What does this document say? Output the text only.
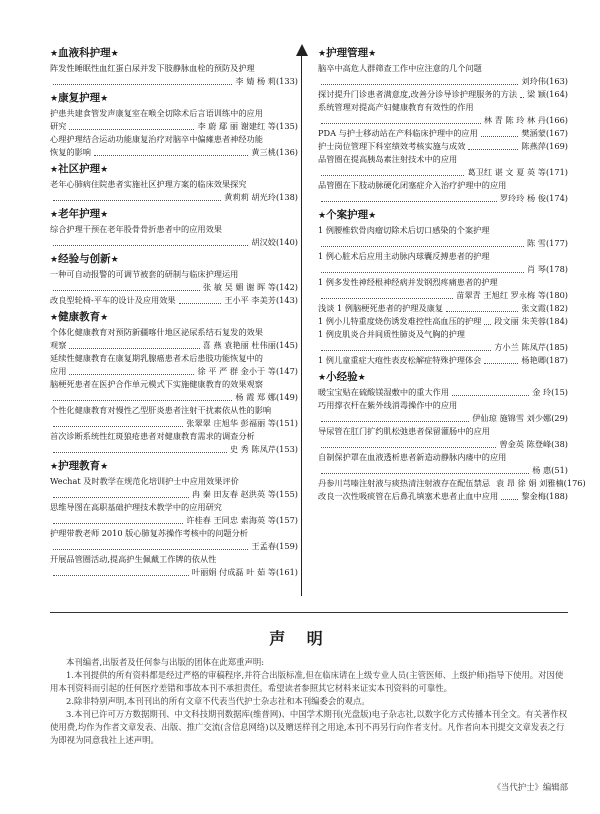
★血液科护理★
阵发性睡眠性血红蛋白尿并发下肢静脉血栓的预防及护理
李 婧 杨 莉(133)
★康复护理★
护患共建食管发声康复室在喉全切除术后言语训练中的应用
研究	李 蔚 鄢 丽 谢建红 等(135)
心理护理结合运动功能康复治疗对脑卒中偏瘫患者神经功能
恢复的影响	黄三桃(136)
★社区护理★
老年心肺病住院患者实施社区护理方案的临床效果探究
黄莉莉 胡光玲(138)
★老年护理★
综合护理干预在老年股骨骨折患者中的应用效果
胡汉姣(140)
★经验与创新★
一种可自动报警的可调节被套的研制与临床护理运用
张 敏 吴 媚 谢 晖 等(142)
改良型轮椅-平车的设计及应用效果	王小平 李美芳(143)
★健康教育★
个体化健康教育对预防新疆喀什地区泌尿系结石复发的效果
观察	喜 燕 袁艳丽 杜伟丽(145)
延续性健康教育在康复期乳腺癌患者术后患肢功能恢复中的
应用	徐 平 严 群 金小于 等(147)
脑梗死患者在医护合作单元模式下实施健康教育的效果观察
杨 霞 郑 娜(149)
个性化健康教育对慢性乙型肝炎患者注射干扰素依从性的影响
张翠翠 庄旭华 彭福丽 等(151)
首次诊断系统性红斑狼疮患者对健康教育需求的调查分析
史 秀 陈凤芹(153)
★护理教育★
Wechat 及时教学在规范化培训护士中应用效果评价
冉 秦 田友春 赵洪英 等(155)
思维导图在高职基础护理技术教学中的应用研究
许桂春 王同忠 索海英 等(157)
护理带教老师 2010 版心肺复苏操作考核中的问题分析
王孟春(159)
开展品管圈活动,提高护生佩戴工作牌的依从性
叶丽娟 付成磊 叶 茹 等(161)
★护理管理★
脑卒中高危人群筛查工作中应注意的几个问题
刘玲伟(163)
探讨提升门诊患者满意度,改善分诊导诊护理服务的方法 梁 颖(164)
系统管理对提高产妇健康教育有效性的作用
林 青 陈 玲 林 丹(166)
PDA 与护士移动站在产科临床护理中的应用	樊涵蒙(167)
护士岗位管理下科室绩效考核实施与成效	陈燕萍(169)
品管圈在提高胰岛素注射技术中的应用
葛卫红 谌 文 夏 英 等(171)
品管圈在下肢动脉硬化闭塞症介入治疗护理中的应用
罗玲玲 杨 俊(174)
★个案护理★
1 例腰椎软骨肉瘤切除术后切口感染的个案护理
陈 雪(177)
1 例心脏术后应用主动脉内球囊反搏患者的护理
肖 琴(178)
1 例多发性神经根神经病并发钢烈疼痛患者的护理
苗翠青 王旭红 罗永梅 等(180)
浅谈 1 例脑梗死患者的护理及康复	张文霞(182)
1 例小儿特重度烧伤诱发难控性高血压的护理 段文丽 朱芙蓉(184)
1 例皮肌炎合并间质性肺炎及气胸的护理
方小兰 陈凤芹(185)
1 例儿童重症大疱性表皮松解症特殊护理体会	杨艳卿(187)
★小经验★
暖宝宝贴在硫酸镁湿敷中的重大作用	金 玲(15)
巧用撑衣杆在紫外线消毒操作中的应用
伊仙琼 施锦雪 刘少娜(29)
导尿管在肛门扩约肌松弛患者保留灌肠中的应用
曾金英 陈登峰(38)
自制保护罩在血液透析患者新造动静脉内瘘中的应用
杨 惠(51)
丹参川芎嗪注射液与痰热清注射液存在配伍禁忌 袁 昂 徐 娟 刘雅楠(176)
改良一次性吸痰管在后鼻孔填塞术患者止血中应用	黎金梅(188)
声 明

本刊编者,出版者及任何参与出版的团体在此郑重声明:

1.本刊提供的所有资料都是经过严格的审稿程序,并符合出版标准,但在临床请在上级专业人员(主管医师、上级护师)指导下使用。对因使用本刊资料而引起的任何医疗差错和事故本刊不承担责任。希望读者参照其它材料来证实本刊资料的可靠性。

2.除非特别声明,本刊刊出的所有文章不代表当代护士杂志社和本刊编委会的观点。

3.本刊已许可万方数据期刊、中文科技期刊数据库(维普网)、中国学术期刊(光盘版)电子杂志社,以数字化方式传播本刊全文。有关著作权使用费,均作为作者文章发表、出版、推广交流(含信息网络)以及赠送样刊之用途,本刊不再另行向作者支付。凡作者向本刊提交文章发表之行为即视为同意我社上述声明。

《当代护士》编辑部
